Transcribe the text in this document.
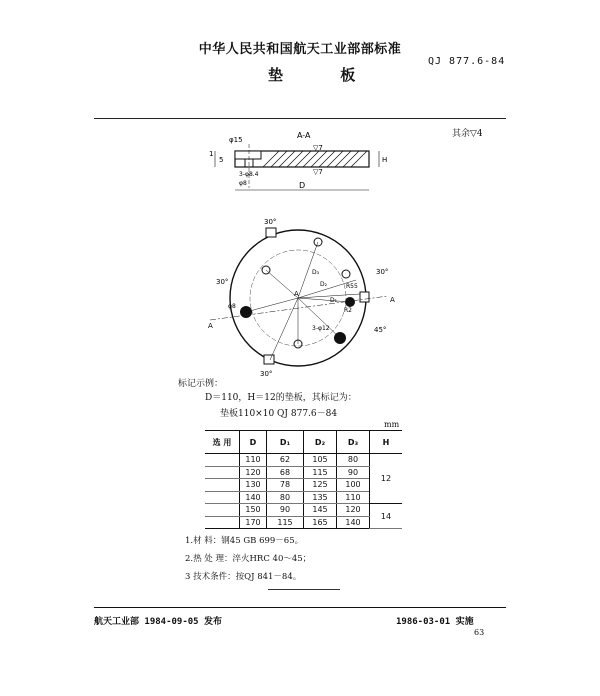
中华人民共和国航天工业部部标准
垫 板
QJ 877.6-84
其余▽4
A-A
φ15
▽7
▽7
5
1
3-φ8.4
φ8
H
D
30°
30°
30°
30°
45°
A
A
A
D₃
D₂
D₁
R2
R55
3-φ12
φ8
标记示例：
D＝110，H＝12的垫板，其标记为：
垫板110×10 QJ 877.6－84
mm
选 用	D	D₁	D₂	D₃	H
	110	62	105	80	12
	120	68	115	90	
	130	78	125	100	
	140	80	135	110	
	150	90	145	120	14
	170	115	165	140	
1.材 料：钢45 GB 699－65。
2.热 处 理：淬火HRC 40～45；
3 技术条件：按QJ 841－84。
航天工业部 1984-09-05 发布	1986-03-01 实施
63
